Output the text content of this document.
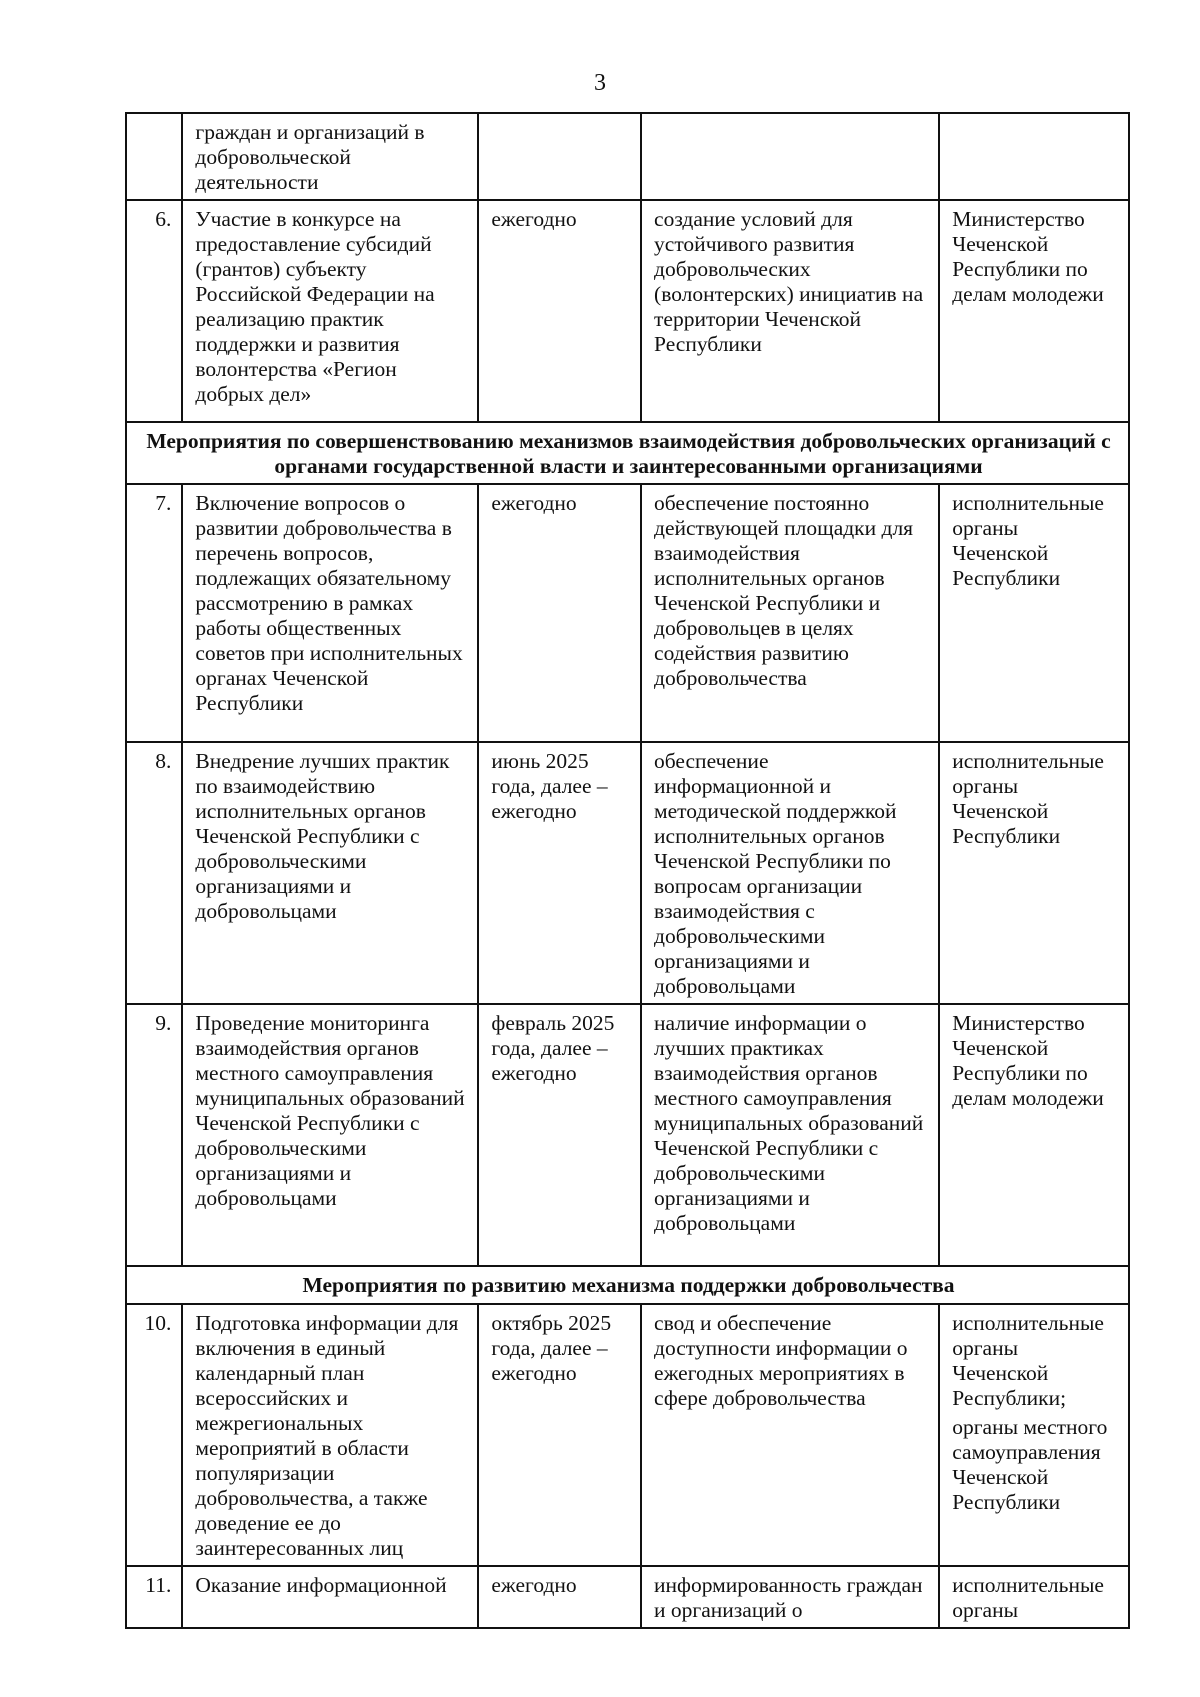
3
	граждан и организаций в добровольческой деятельности			
6.	Участие в конкурсе на предоставление субсидий (грантов) субъекту Российской Федерации на реализацию практик поддержки и развития волонтерства «Регион добрых дел»	ежегодно	создание условий для устойчивого развития добровольческих (волонтерских) инициатив на территории Чеченской Республики	Министерство Чеченской Республики по делам молодежи
Мероприятия по совершенствованию механизмов взаимодействия добровольческих организаций с органами государственной власти и заинтересованными организациями				
7.	Включение вопросов о развитии добровольчества в перечень вопросов, подлежащих обязательному рассмотрению в рамках работы общественных советов при исполнительных органах Чеченской Республики	ежегодно	обеспечение постоянно действующей площадки для взаимодействия исполнительных органов Чеченской Республики и добровольцев в целях содействия развитию добровольчества	исполнительные органы Чеченской Республики
8.	Внедрение лучших практик по взаимодействию исполнительных органов Чеченской Республики с добровольческими организациями и добровольцами	июнь 2025 года, далее – ежегодно	обеспечение информационной и методической поддержкой исполнительных органов Чеченской Республики по вопросам организации взаимодействия с добровольческими организациями и добровольцами	исполнительные органы Чеченской Республики
9.	Проведение мониторинга взаимодействия органов местного самоуправления муниципальных образований Чеченской Республики с добровольческими организациями и добровольцами	февраль 2025 года, далее – ежегодно	наличие информации о лучших практиках взаимодействия органов местного самоуправления муниципальных образований Чеченской Республики с добровольческими организациями и добровольцами	Министерство Чеченской Республики по делам молодежи
Мероприятия по развитию механизма поддержки добровольчества				
10.	Подготовка информации для включения в единый календарный план всероссийских и межрегиональных мероприятий в области популяризации добровольчества, а также доведение ее до заинтересованных лиц	октябрь 2025 года, далее – ежегодно	свод и обеспечение доступности информации о ежегодных мероприятиях в сфере добровольчества	исполнительные органы Чеченской Республики;
органы местного самоуправления Чеченской Республики

11.	Оказание информационной	ежегодно	информированность граждан и организаций о	исполнительные органы
